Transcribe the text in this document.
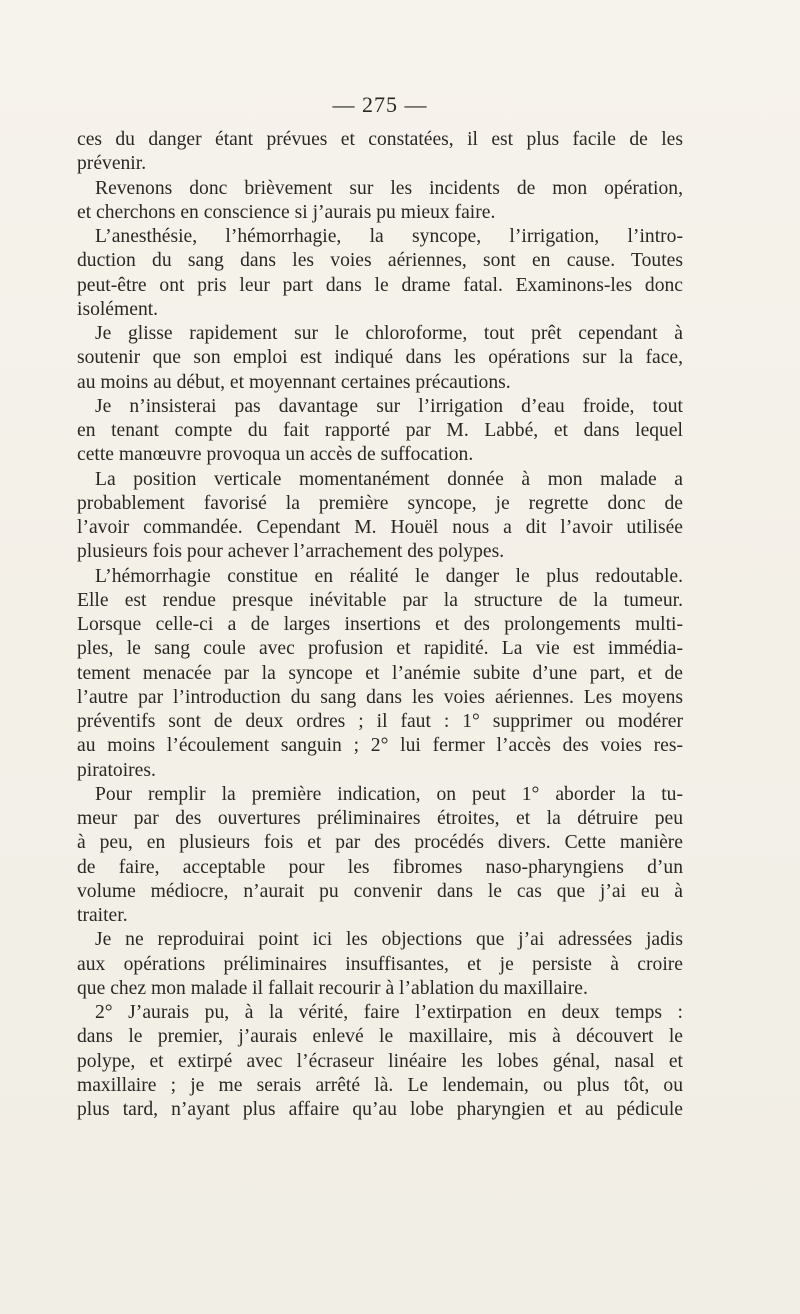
— 275 —
ces du danger étant prévues et constatées, il est plus facile de les
prévenir.
Revenons donc brièvement sur les incidents de mon opération,
et cherchons en conscience si j’aurais pu mieux faire.
L’anesthésie, l’hémorrhagie, la syncope, l’irrigation, l’intro-
duction du sang dans les voies aériennes, sont en cause. Toutes
peut-être ont pris leur part dans le drame fatal. Examinons-les donc
isolément.
Je glisse rapidement sur le chloroforme, tout prêt cependant à
soutenir que son emploi est indiqué dans les opérations sur la face,
au moins au début, et moyennant certaines précautions.
Je n’insisterai pas davantage sur l’irrigation d’eau froide, tout
en tenant compte du fait rapporté par M. Labbé, et dans lequel
cette manœuvre provoqua un accès de suffocation.
La position verticale momentanément donnée à mon malade a
probablement favorisé la première syncope, je regrette donc de
l’avoir commandée. Cependant M. Houël nous a dit l’avoir utilisée
plusieurs fois pour achever l’arrachement des polypes.
L’hémorrhagie constitue en réalité le danger le plus redoutable.
Elle est rendue presque inévitable par la structure de la tumeur.
Lorsque celle-ci a de larges insertions et des prolongements multi-
ples, le sang coule avec profusion et rapidité. La vie est immédia-
tement menacée par la syncope et l’anémie subite d’une part, et de
l’autre par l’introduction du sang dans les voies aériennes. Les moyens
préventifs sont de deux ordres ; il faut : 1° supprimer ou modérer
au moins l’écoulement sanguin ; 2° lui fermer l’accès des voies res-
piratoires.
Pour remplir la première indication, on peut 1° aborder la tu-
meur par des ouvertures préliminaires étroites, et la détruire peu
à peu, en plusieurs fois et par des procédés divers. Cette manière
de faire, acceptable pour les fibromes naso-pharyngiens d’un
volume médiocre, n’aurait pu convenir dans le cas que j’ai eu à
traiter.
Je ne reproduirai point ici les objections que j’ai adressées jadis
aux opérations préliminaires insuffisantes, et je persiste à croire
que chez mon malade il fallait recourir à l’ablation du maxillaire.
2° J’aurais pu, à la vérité, faire l’extirpation en deux temps :
dans le premier, j’aurais enlevé le maxillaire, mis à découvert le
polype, et extirpé avec l’écraseur linéaire les lobes génal, nasal et
maxillaire ; je me serais arrêté là. Le lendemain, ou plus tôt, ou
plus tard, n’ayant plus affaire qu’au lobe pharyngien et au pédicule
